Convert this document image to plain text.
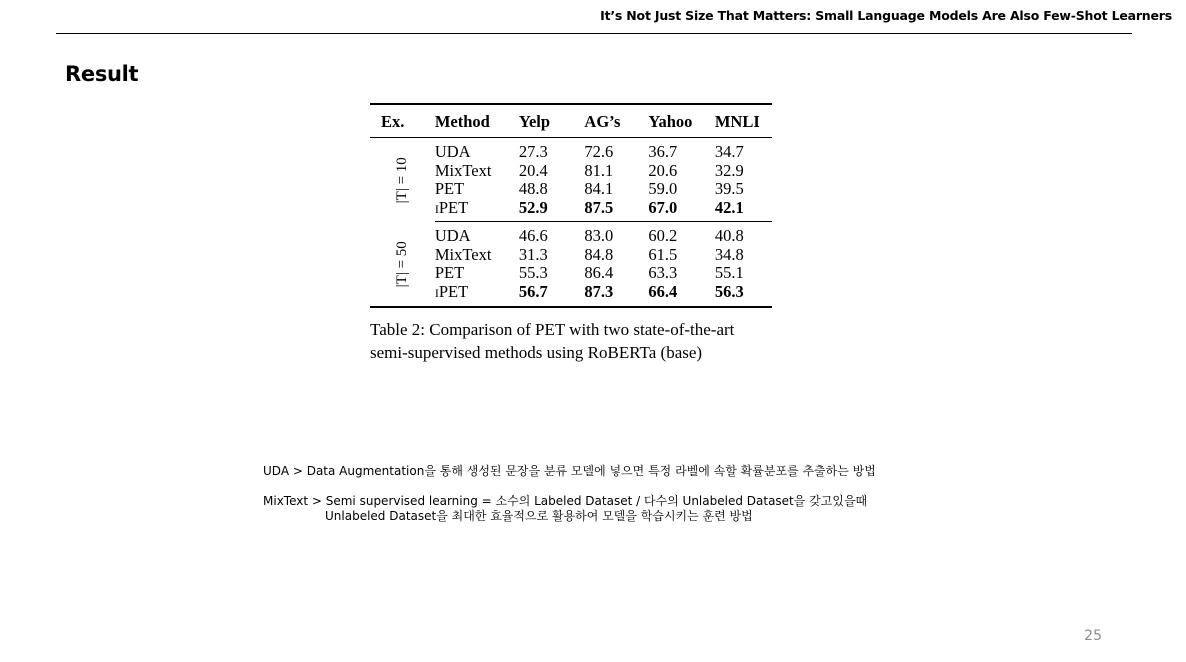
It’s Not Just Size That Matters: Small Language Models Are Also Few-Shot Learners
Result
Ex.	Method	Yelp	AG’s	Yahoo	MNLI

|T| = 10	UDA	27.3	72.6	36.7	34.7
	MixText	20.4	81.1	20.6	32.9
	PET	48.8	84.1	59.0	39.5
	iPET	52.9	87.5	67.0	42.1

|T| = 50	UDA	46.6	83.0	60.2	40.8
	MixText	31.3	84.8	61.5	34.8
	PET	55.3	86.4	63.3	55.1
	iPET	56.7	87.3	66.4	56.3
Table 2: Comparison of PET with two state-of-the-art
semi-supervised methods using RoBERTa (base)
UDA > Data Augmentation을 통해 생성된 문장을 분류 모델에 넣으면 특정 라벨에 속할 확률분포를 추출하는 방법
MixText > Semi supervised learning = 소수의 Labeled Dataset / 다수의 Unlabeled Dataset을 갖고있을때
Unlabeled Dataset을 최대한 효율적으로 활용하여 모델을 학습시키는 훈련 방법
25
